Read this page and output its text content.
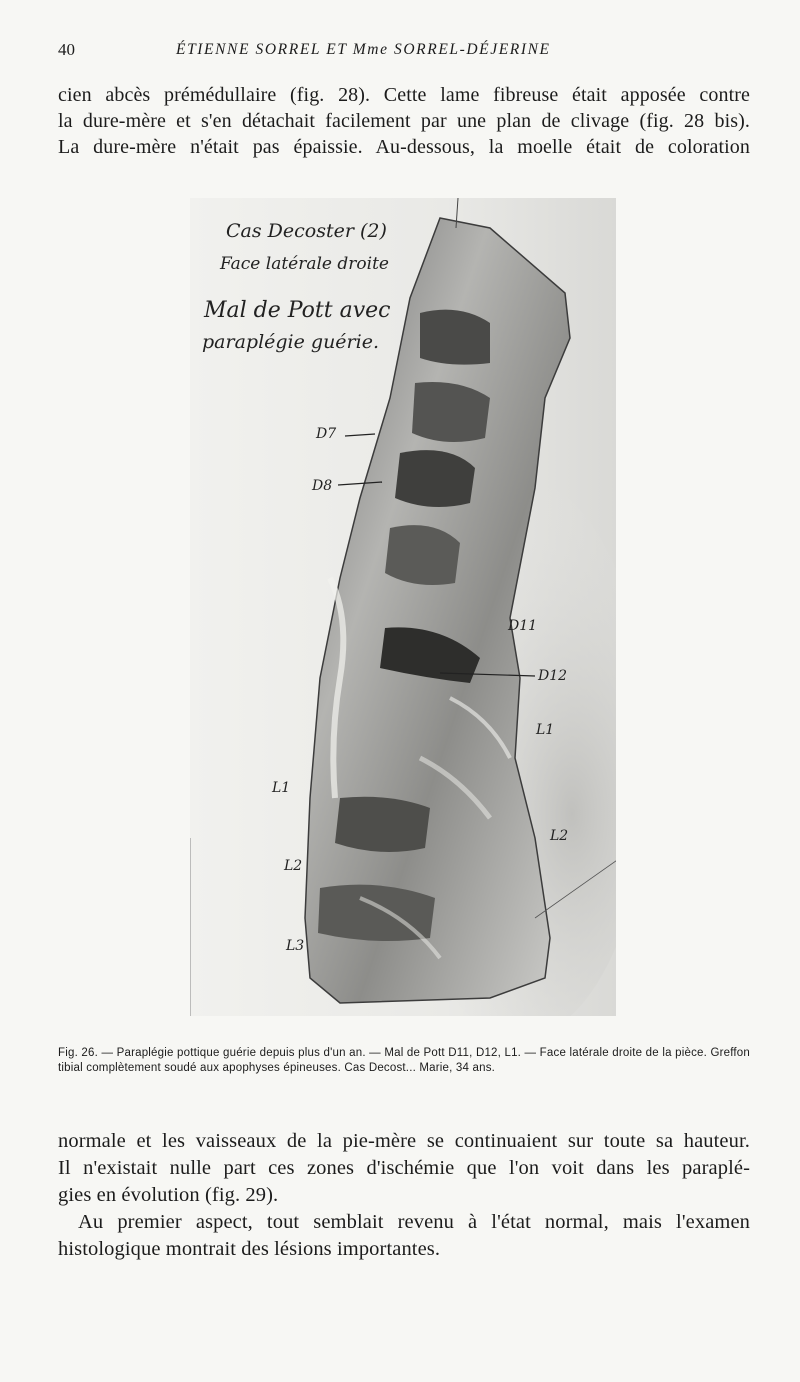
40	ÉTIENNE SORREL ET Mme SORREL-DÉJERINE
cien abcès prémédullaire (fig. 28). Cette lame fibreuse était apposée contre
la dure-mère et s'en détachait facilement par une plan de clivage (fig. 28 bis).
La dure-mère n'était pas épaissie. Au-dessous, la moelle était de coloration
Cas Decoster (2)
Face latérale droite
Mal de Pott avec
paraplégie guérie.
D7
D8
D11
D12
L1
L1
L2
L2
L3
Fig. 26. — Paraplégie pottique guérie depuis plus d'un an. — Mal de Pott D11, D12, L1. — Face latérale droite de la pièce. Greffon tibial complètement soudé aux apophyses épineuses. Cas Decost... Marie, 34 ans.
normale et les vaisseaux de la pie-mère se continuaient sur toute sa hauteur.
Il n'existait nulle part ces zones d'ischémie que l'on voit dans les paraplé-
gies en évolution (fig. 29).
Au premier aspect, tout semblait revenu à l'état normal, mais l'examen
histologique montrait des lésions importantes.
